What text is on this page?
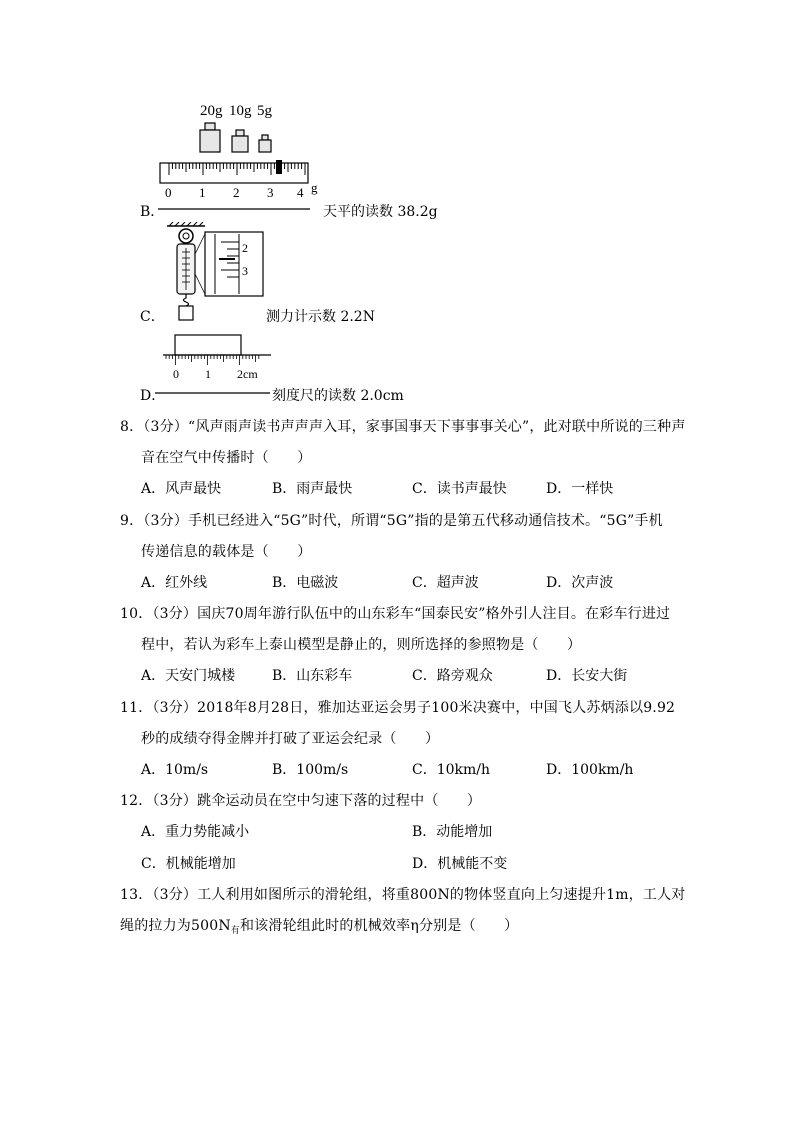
20g 10g 5g
0 1 2 3 4 g
B．	天平的读数 38.2g
2
3
C．	测力计示数 2.2N
0 1 2cm
D．	刻度尺的读数 2.0cm
8．（3分）“风声雨声读书声声声入耳，家事国事天下事事事关心”，此对联中所说的三种声
音在空气中传播时（　　）
A．风声最快	B．雨声最快	C．读书声最快	D．一样快
9．（3分）手机已经进入“5G”时代，所谓“5G”指的是第五代移动通信技术。“5G”手机
传递信息的载体是（　　）
A．红外线	B．电磁波	C．超声波	D．次声波
10．（3分）国庆70周年游行队伍中的山东彩车“国泰民安”格外引人注目。在彩车行进过
程中，若认为彩车上泰山模型是静止的，则所选择的参照物是（　　）
A．天安门城楼	B．山东彩车	C．路旁观众	D．长安大街
11．（3分）2018年8月28日，雅加达亚运会男子100米决赛中，中国飞人苏炳添以9.92
秒的成绩夺得金牌并打破了亚运会纪录（　　）
A．10m/s	B．100m/s	C．10km/h	D．100km/h
12．（3分）跳伞运动员在空中匀速下落的过程中（　　）
A．重力势能减小	B．动能增加
C．机械能增加	D．机械能不变
13．（3分）工人利用如图所示的滑轮组，将重800N的物体竖直向上匀速提升1m，工人对
绳的拉力为$500N_有$和该滑轮组此时的机械效率η分别是（　　）
